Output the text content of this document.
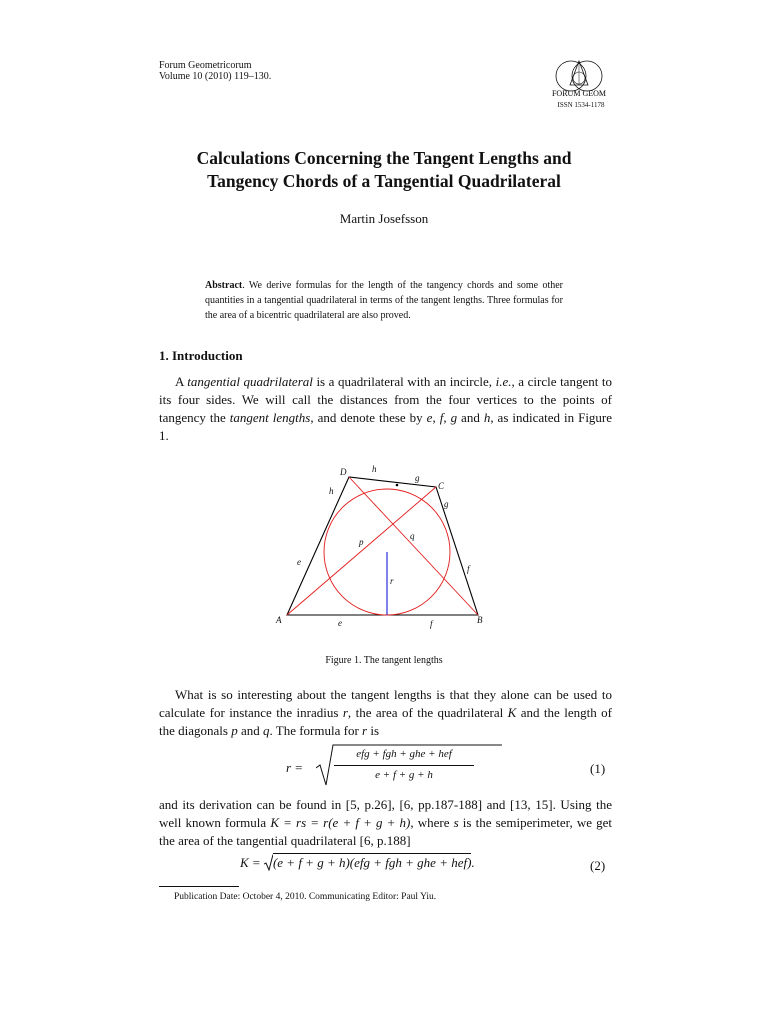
Forum Geometricorum
Volume 10 (2010) 119–130.
FORUM GEOM
ISSN 1534-1178
Calculations Concerning the Tangent Lengths and
Tangency Chords of a Tangential Quadrilateral
Martin Josefsson
Abstract. We derive formulas for the length of the tangency chords and some other quantities in a tangential quadrilateral in terms of the tangent lengths. Three formulas for the area of a bicentric quadrilateral are also proved.
1. Introduction
A tangential quadrilateral is a quadrilateral with an incircle, i.e., a circle tangent to its four sides. We will call the distances from the four vertices to the points of tangency the tangent lengths, and denote these by e, f, g and h, as indicated in Figure 1.
A	B
C
D	h
g
h
g
e
f
e	f
p
q
r
Figure 1. The tangent lengths
What is so interesting about the tangent lengths is that they alone can be used to calculate for instance the inradius r, the area of the quadrilateral K and the length of the diagonals p and q. The formula for r is
r =
efg + fgh + ghe + hef
e + f + g + h	(1)
and its derivation can be found in [5, p.26], [6, pp.187-188] and [13, 15]. Using the well known formula K = rs = r(e + f + g + h), where s is the semiperimeter, we get the area of the tangential quadrilateral [6, p.188]
K = (e + f + g + h)(efg + fgh + ghe + hef).	(2)
Publication Date: October 4, 2010. Communicating Editor: Paul Yiu.
